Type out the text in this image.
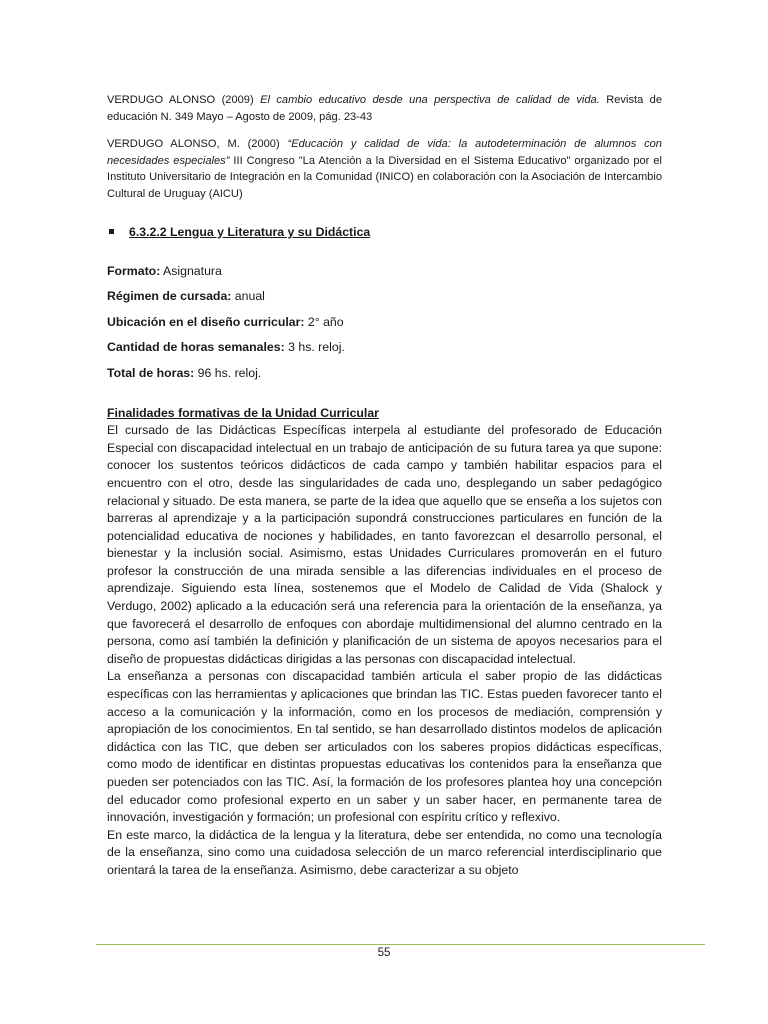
VERDUGO ALONSO (2009) El cambio educativo desde una perspectiva de calidad de vida. Revista de educación N. 349 Mayo – Agosto de 2009, pág. 23-43

VERDUGO ALONSO, M. (2000) “Educación y calidad de vida: la autodeterminación de alumnos con necesidades especiales” III Congreso "La Atención a la Diversidad en el Sistema Educativo" organizado por el Instituto Universitario de Integración en la Comunidad (INICO) en colaboración con la Asociación de Intercambio Cultural de Uruguay (AICU)

6.3.2.2 Lengua y Literatura y su Didáctica
Formato: Asignatura
Régimen de cursada: anual
Ubicación en el diseño curricular: 2° año
Cantidad de horas semanales: 3 hs. reloj.
Total de horas: 96 hs. reloj.
Finalidades formativas de la Unidad Curricular

El cursado de las Didácticas Específicas interpela al estudiante del profesorado de Educación Especial con discapacidad intelectual en un trabajo de anticipación de su futura tarea ya que supone: conocer los sustentos teóricos didácticos de cada campo y también habilitar espacios para el encuentro con el otro, desde las singularidades de cada uno, desplegando un saber pedagógico relacional y situado. De esta manera, se parte de la idea que aquello que se enseña a los sujetos con barreras al aprendizaje y a la participación supondrá construcciones particulares en función de la potencialidad educativa de nociones y habilidades, en tanto favorezcan el desarrollo personal, el bienestar y la inclusión social. Asimismo, estas Unidades Curriculares promoverán en el futuro profesor la construcción de una mirada sensible a las diferencias individuales en el proceso de aprendizaje. Siguiendo esta línea, sostenemos que el Modelo de Calidad de Vida (Shalock y Verdugo, 2002) aplicado a la educación será una referencia para la orientación de la enseñanza, ya que favorecerá el desarrollo de enfoques con abordaje multidimensional del alumno centrado en la persona, como así también la definición y planificación de un sistema de apoyos necesarios para el diseño de propuestas didácticas dirigidas a las personas con discapacidad intelectual.

La enseñanza a personas con discapacidad también articula el saber propio de las didácticas específicas con las herramientas y aplicaciones que brindan las TIC. Estas pueden favorecer tanto el acceso a la comunicación y la información, como en los procesos de mediación, comprensión y apropiación de los conocimientos. En tal sentido, se han desarrollado distintos modelos de aplicación didáctica con las TIC, que deben ser articulados con los saberes propios didácticas específicas, como modo de identificar en distintas propuestas educativas los contenidos para la enseñanza que pueden ser potenciados con las TIC. Así, la formación de los profesores plantea hoy una concepción del educador como profesional experto en un saber y un saber hacer, en permanente tarea de innovación, investigación y formación; un profesional con espíritu crítico y reflexivo.

En este marco, la didáctica de la lengua y la literatura, debe ser entendida, no como una tecnología de la enseñanza, sino como una cuidadosa selección de un marco referencial interdisciplinario que orientará la tarea de la enseñanza. Asimismo, debe caracterizar a su objeto

55
